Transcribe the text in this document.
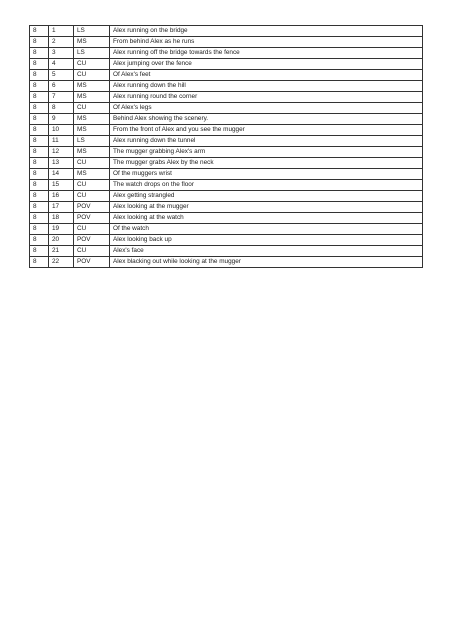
8	1	LS	Alex running on the bridge
8	2	MS	From behind Alex as he runs
8	3	LS	Alex running off the bridge towards the fence
8	4	CU	Alex jumping over the fence
8	5	CU	Of Alex's feet
8	6	MS	Alex running down the hill
8	7	MS	Alex running round the corner
8	8	CU	Of Alex's legs
8	9	MS	Behind Alex showing the scenery.
8	10	MS	From the front of Alex and you see the mugger
8	11	LS	Alex running down the tunnel
8	12	MS	The mugger grabbing Alex's arm
8	13	CU	The mugger grabs Alex by the neck
8	14	MS	Of the muggers wrist
8	15	CU	The watch drops on the floor
8	16	CU	Alex getting strangled
8	17	POV	Alex looking at the mugger
8	18	POV	Alex looking at the watch
8	19	CU	Of the watch
8	20	POV	Alex looking back up
8	21	CU	Alex's face
8	22	POV	Alex blacking out while looking at the mugger
